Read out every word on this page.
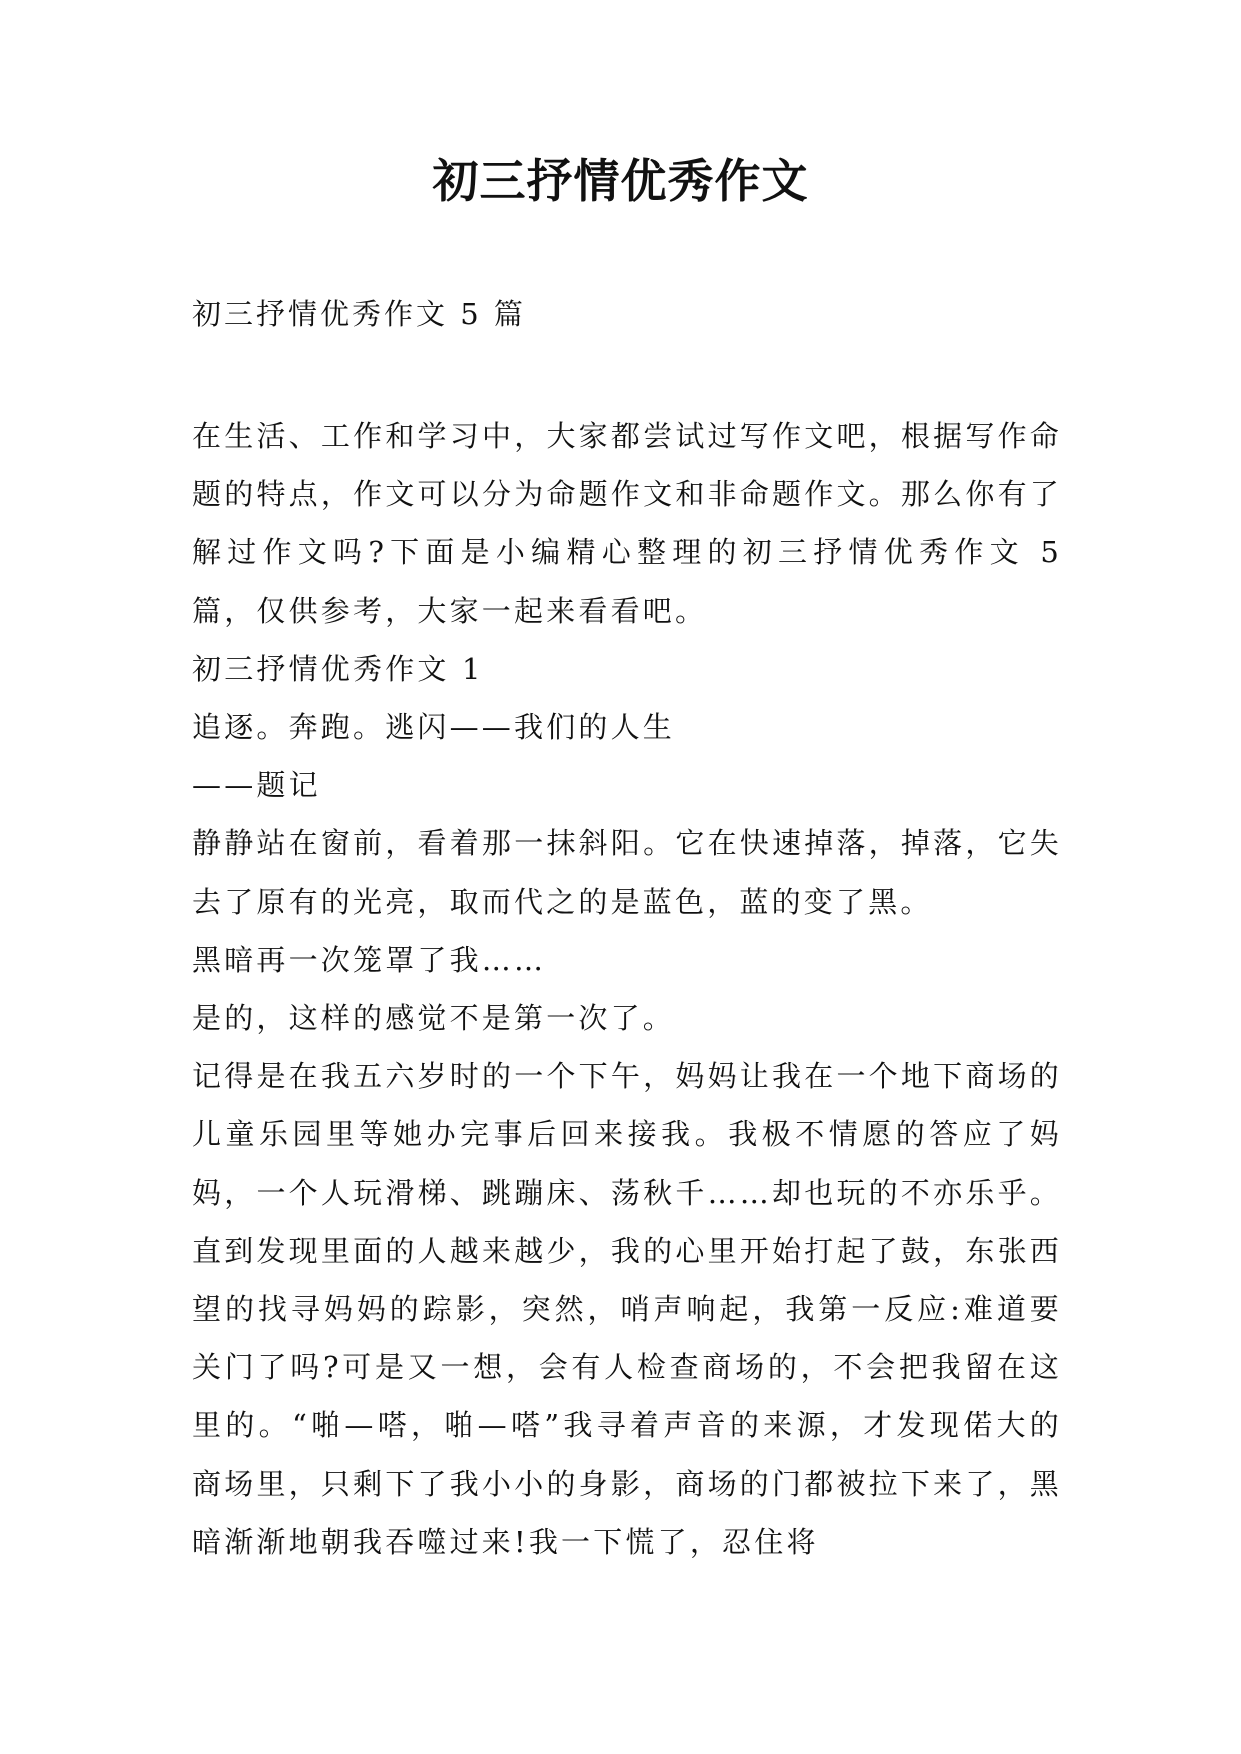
初三抒情优秀作文
初三抒情优秀作文 5 篇

在生活、工作和学习中，大家都尝试过写作文吧，根据写作命题的特点，作文可以分为命题作文和非命题作文。那么你有了解过作文吗?下面是小编精心整理的初三抒情优秀作文 5 篇，仅供参考，大家一起来看看吧。

初三抒情优秀作文 1

追逐。奔跑。逃闪——我们的人生

——题记

静静站在窗前，看着那一抹斜阳。它在快速掉落，掉落，它失去了原有的光亮，取而代之的是蓝色，蓝的变了黑。

黑暗再一次笼罩了我……

是的，这样的感觉不是第一次了。

记得是在我五六岁时的一个下午，妈妈让我在一个地下商场的儿童乐园里等她办完事后回来接我。我极不情愿的答应了妈妈，一个人玩滑梯、跳蹦床、荡秋千……却也玩的不亦乐乎。直到发现里面的人越来越少，我的心里开始打起了鼓，东张西望的找寻妈妈的踪影，突然，哨声响起，我第一反应:难道要关门了吗?可是又一想，会有人检查商场的，不会把我留在这里的。“啪—嗒，啪—嗒”我寻着声音的来源，才发现偌大的商场里，只剩下了我小小的身影，商场的门都被拉下来了，黑暗渐渐地朝我吞噬过来!我一下慌了，忍住将
